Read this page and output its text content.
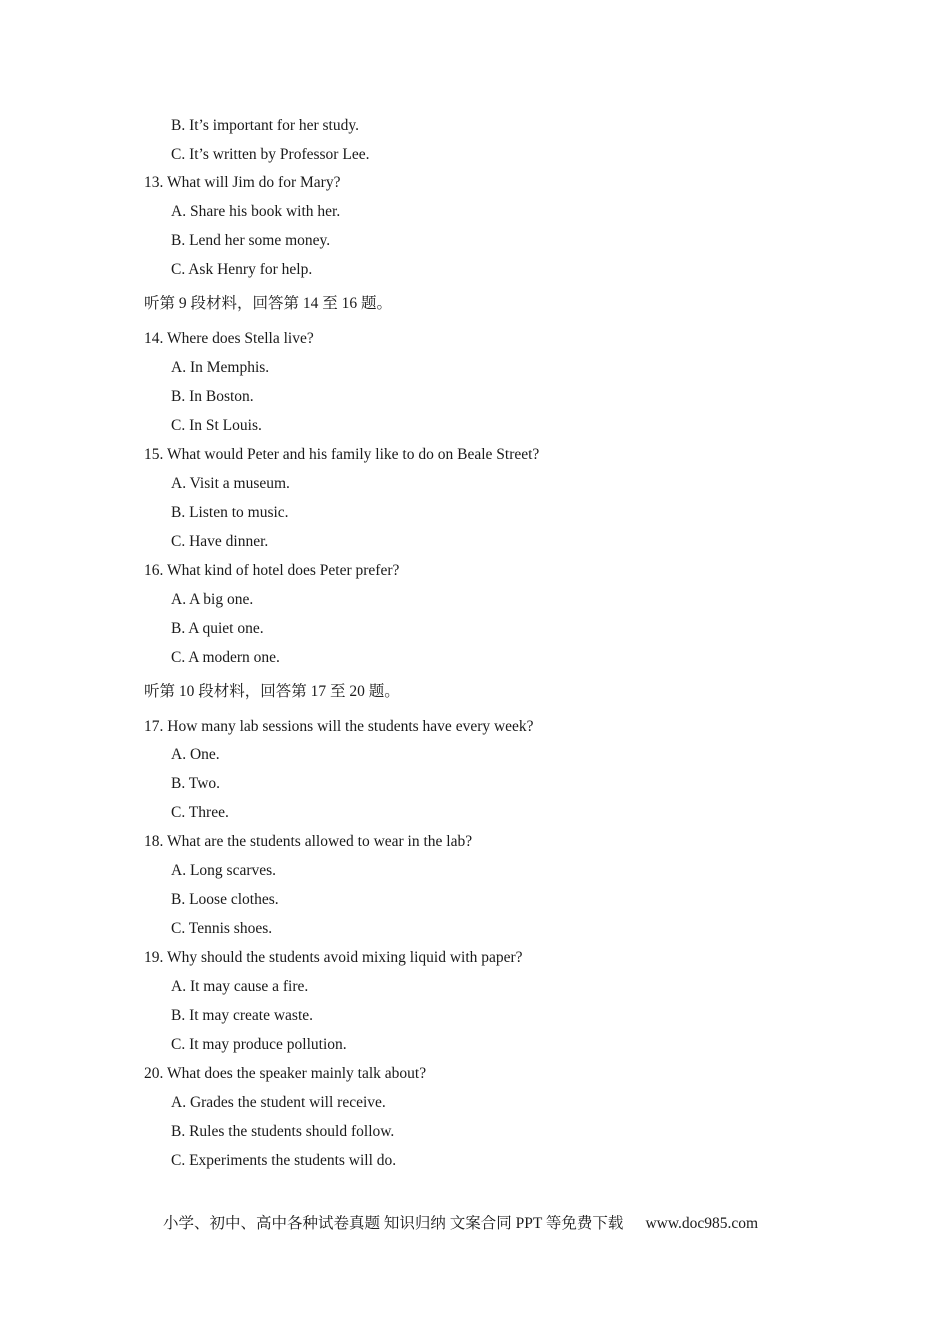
B. It’s important for her study.
C. It’s written by Professor Lee.
13. What will Jim do for Mary?
A. Share his book with her.
B. Lend her some money.
C. Ask Henry for help.
听第 9 段材料，回答第 14 至 16 题。
14. Where does Stella live?
A. In Memphis.
B. In Boston.
C. In St Louis.
15. What would Peter and his family like to do on Beale Street?
A. Visit a museum.
B. Listen to music.
C. Have dinner.
16. What kind of hotel does Peter prefer?
A. A big one.
B. A quiet one.
C. A modern one.
听第 10 段材料，回答第 17 至 20 题。
17. How many lab sessions will the students have every week?
A. One.
B. Two.
C. Three.
18. What are the students allowed to wear in the lab?
A. Long scarves.
B. Loose clothes.
C. Tennis shoes.
19. Why should the students avoid mixing liquid with paper?
A. It may cause a fire.
B. It may create waste.
C. It may produce pollution.
20. What does the speaker mainly talk about?
A. Grades the student will receive.
B. Rules the students should follow.
C. Experiments the students will do.
小学、初中、高中各种试卷真题 知识归纳 文案合同 PPT 等免费下载 www.doc985.com
